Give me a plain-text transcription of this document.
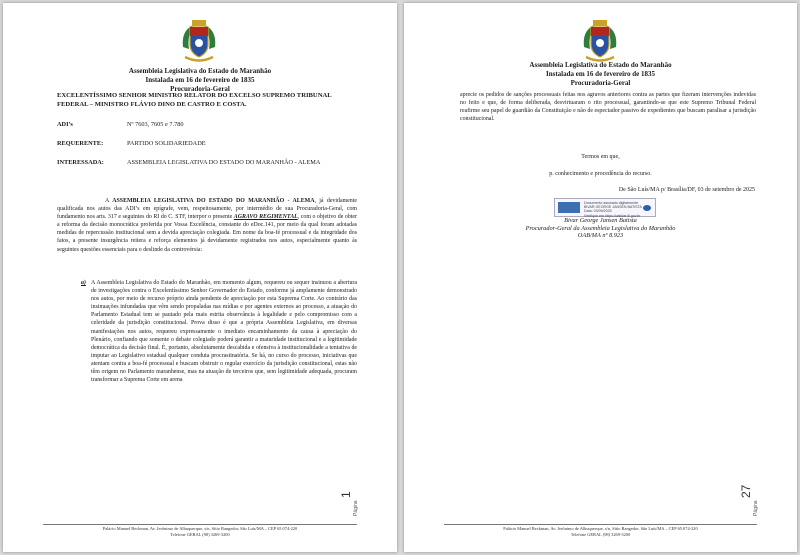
Assembleia Legislativa do Estado do Maranhão
Instalada em 16 de fevereiro de 1835
Procuradoria-Geral
EXCELENTÍSSIMO SENHOR MINISTRO RELATOR DO EXCELSO SUPREMO TRIBUNAL FEDERAL – MINISTRO FLÁVIO DINO DE CASTRO E COSTA.
ADI’s	Nº 7603, 7605 e 7.780
REQUERENTE:	PARTIDO SOLIDARIEDADE
INTERESSADA:	ASSEMBLEIA LEGISLATIVA DO ESTADO DO MARANHÃO - ALEMA
A ASSEMBLEIA LEGISLATIVA DO ESTADO DO MARANHÃO - ALEMA, já devidamente qualificada nos autos das ADI’s em epígrafe, vem, respeitosamente, por intermédio de sua Procuradoria-Geral, com fundamento nos arts. 317 e seguintes do RI do C. STF, interpor o presente AGRAVO REGIMENTAL, com o objetivo de obter a reforma da decisão monocrática proferida por Vossa Excelência, constante do eDoc.141, por meio da qual foram adotadas medidas de repercussão institucional sem a devida apreciação colegiada. Em nome da boa-fé processual e da integridade dos fatos, a presente insurgência reitera e reforça elementos já devidamente registrados nos autos, especialmente quanto às seguintes questões essenciais para o deslinde da controvérsia:
a) A Assembleia Legislativa do Estado do Maranhão, em momento algum, requereu ou sequer insinuou a abertura de investigações contra o Excelentíssimo Senhor Governador do Estado, conforme já amplamente demonstrado nos autos, por meio de recurso próprio ainda pendente de apreciação por esta Suprema Corte. Ao contrário das insinuações infundadas que vêm sendo propaladas nas mídias e por agentes externos ao processo, a atuação do Parlamento Estadual tem se pautado pela mais estrita observância à legalidade e pelo compromisso com a celeridade da jurisdição constitucional. Prova disso é que a própria Assembleia Legislativa, em diversas manifestações nos autos, requereu expressamente o imediato encaminhamento da causa à apreciação do Plenário, confiando que somente o debate colegiado poderá garantir a maturidade institucional e a legitimidade democrática da decisão final. É, portanto, absolutamente descabida e ofensiva à institucionalidade a tentativa de imputar ao Legislativo estadual qualquer conduta procrastinatória. Se há, no curso do processo, iniciativas que atentam contra a boa-fé processual e buscam obstruir o regular exercício da jurisdição constitucional, estas não têm origem no Parlamento maranhense, mas na atuação de terceiros que, sem legitimidade adequada, procuram transformar a Suprema Corte em arena
Página
1
Palácio Manuel Beckman, Av. Jerônimo de Albuquerque, s/n, Sítio Rangedor, São Luís/MA – CEP 65.074-220
Telefone GERAL (98) 3269-3200
Assembleia Legislativa do Estado do Maranhão
Instalada em 16 de fevereiro de 1835
Procuradoria-Geral
aprecie os pedidos de sanções processuais feitas nos agravos anteriores contra as partes que fizeram intervenções indevidas no feito e que, de forma deliberada, desvirtuaram o rito processual, garantindo-se que este Supremo Tribunal Federal reafirme seu papel de guardião da Constituição e não de espectador passivo de expedientes que buscam paralisar a jurisdição constitucional.
Termos em que,
p. conhecimento e procedência do recurso.
De São Luís/MA p/ Brasília/DF, 03 de setembro de 2025
Documento assinado digitalmente
BIVAR GEORGE JANSEN BATISTA
Data: 03/09/2025
Verifique em https://validar.iti.gov.br
Bivar George Jansen Batista
Procurador-Geral da Assembleia Legislativa do Maranhão
OAB/MA nº 8.923
Página
27
Palácio Manuel Beckman, Av. Jerônimo de Albuquerque, s/n, Sítio Rangedor, São Luís/MA – CEP 65.074-220
Telefone GERAL (98) 3269-3200
